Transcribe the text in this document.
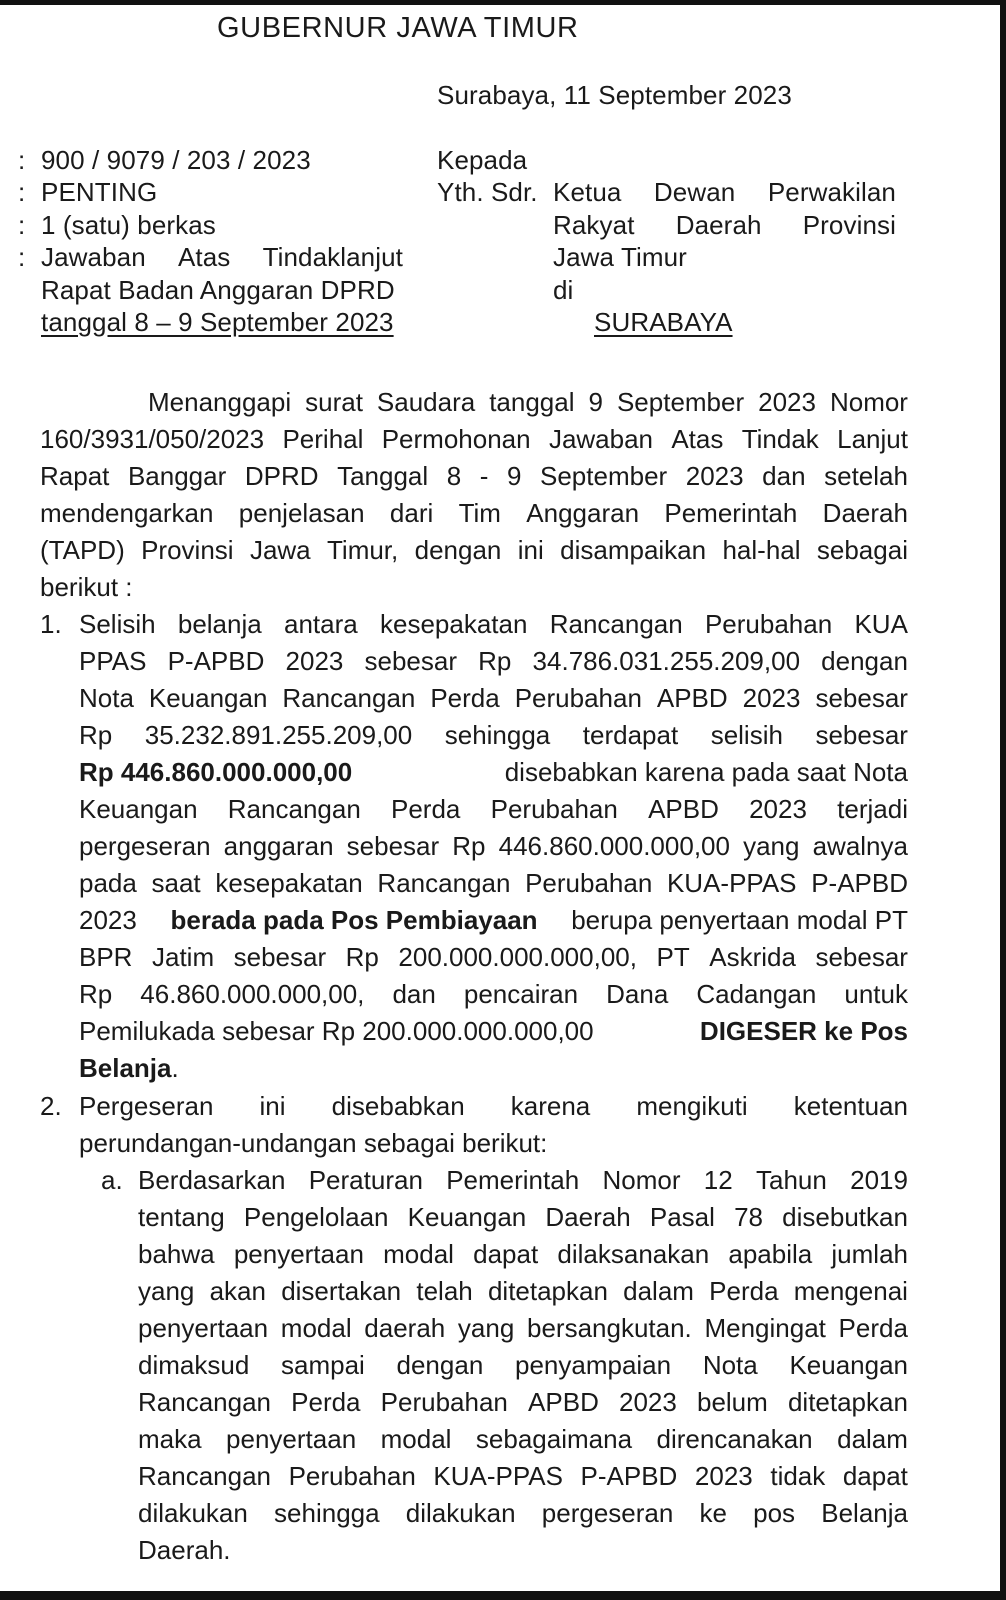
GUBERNUR JAWA TIMUR
Surabaya, 11 September 2023
: 900 / 9079 / 203 / 2023
: PENTING
: 1 (satu) berkas
: Jawaban Atas Tindaklanjut
Rapat Badan Anggaran DPRD
tanggal 8 – 9 September 2023
Kepada
Yth. Sdr. Ketua Dewan Perwakilan
Rakyat Daerah Provinsi
Jawa Timur
di
SURABAYA
Menanggapi surat Saudara tanggal 9 September 2023 Nomor
160/3931/050/2023 Perihal Permohonan Jawaban Atas Tindak Lanjut
Rapat Banggar DPRD Tanggal 8 - 9 September 2023 dan setelah
mendengarkan penjelasan dari Tim Anggaran Pemerintah Daerah
(TAPD) Provinsi Jawa Timur, dengan ini disampaikan hal-hal sebagai
berikut :
1. Selisih belanja antara kesepakatan Rancangan Perubahan KUA
PPAS P-APBD 2023 sebesar Rp 34.786.031.255.209,00 dengan
Nota Keuangan Rancangan Perda Perubahan APBD 2023 sebesar
Rp 35.232.891.255.209,00 sehingga terdapat selisih sebesar
Rp 446.860.000.000,00	disebabkan karena pada saat Nota
Keuangan Rancangan Perda Perubahan APBD 2023 terjadi
pergeseran anggaran sebesar Rp 446.860.000.000,00 yang awalnya
pada saat kesepakatan Rancangan Perubahan KUA-PPAS P-APBD
2023 berada pada Pos Pembiayaan berupa penyertaan modal PT
BPR Jatim sebesar Rp 200.000.000.000,00, PT Askrida sebesar
Rp 46.860.000.000,00, dan pencairan Dana Cadangan untuk
Pemilukada sebesar Rp 200.000.000.000,00	DIGESER ke Pos
Belanja.
2. Pergeseran ini disebabkan karena mengikuti ketentuan
perundangan-undangan sebagai berikut:
a. Berdasarkan Peraturan Pemerintah Nomor 12 Tahun 2019
tentang Pengelolaan Keuangan Daerah Pasal 78 disebutkan
bahwa penyertaan modal dapat dilaksanakan apabila jumlah
yang akan disertakan telah ditetapkan dalam Perda mengenai
penyertaan modal daerah yang bersangkutan. Mengingat Perda
dimaksud sampai dengan penyampaian Nota Keuangan
Rancangan Perda Perubahan APBD 2023 belum ditetapkan
maka penyertaan modal sebagaimana direncanakan dalam
Rancangan Perubahan KUA-PPAS P-APBD 2023 tidak dapat
dilakukan sehingga dilakukan pergeseran ke pos Belanja
Daerah.
